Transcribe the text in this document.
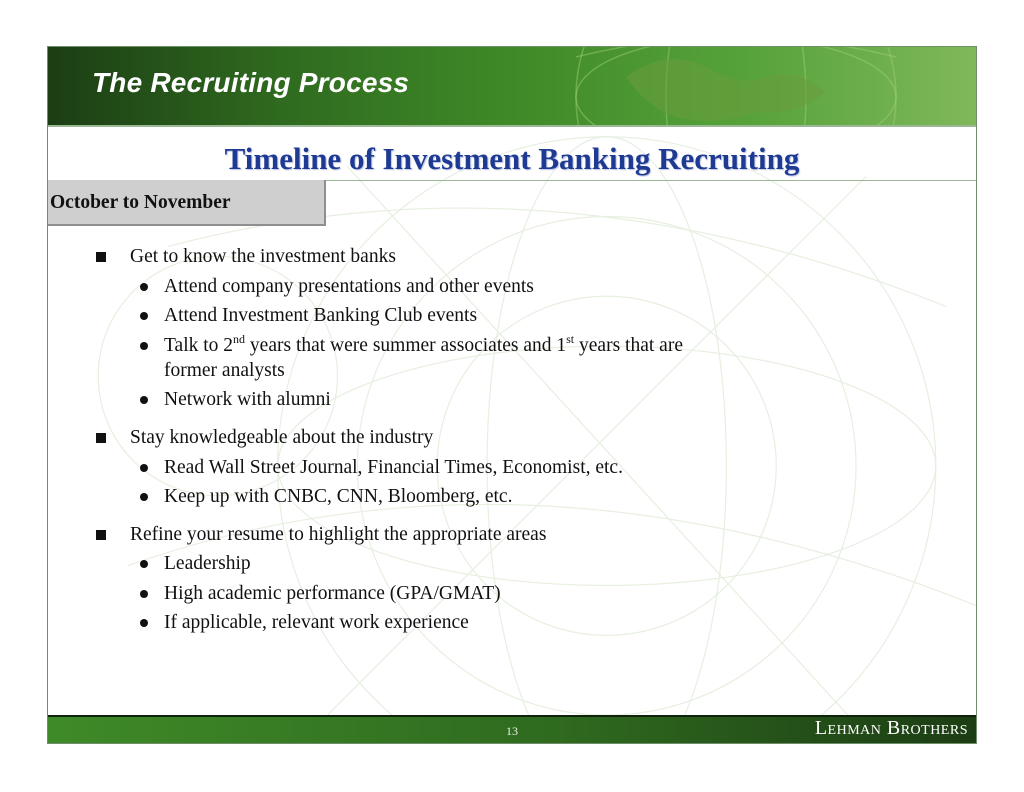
The Recruiting Process
Timeline of Investment Banking Recruiting
October to November
Get to know the investment banks
Attend company presentations and other events
Attend Investment Banking Club events
Talk to 2nd years that were summer associates and 1st years that are
former analysts
Network with alumni
Stay knowledgeable about the industry
Read Wall Street Journal, Financial Times, Economist, etc.
Keep up with CNBC, CNN, Bloomberg, etc.
Refine your resume to highlight the appropriate areas
Leadership
High academic performance (GPA/GMAT)
If applicable, relevant work experience
13	Lehman Brothers
